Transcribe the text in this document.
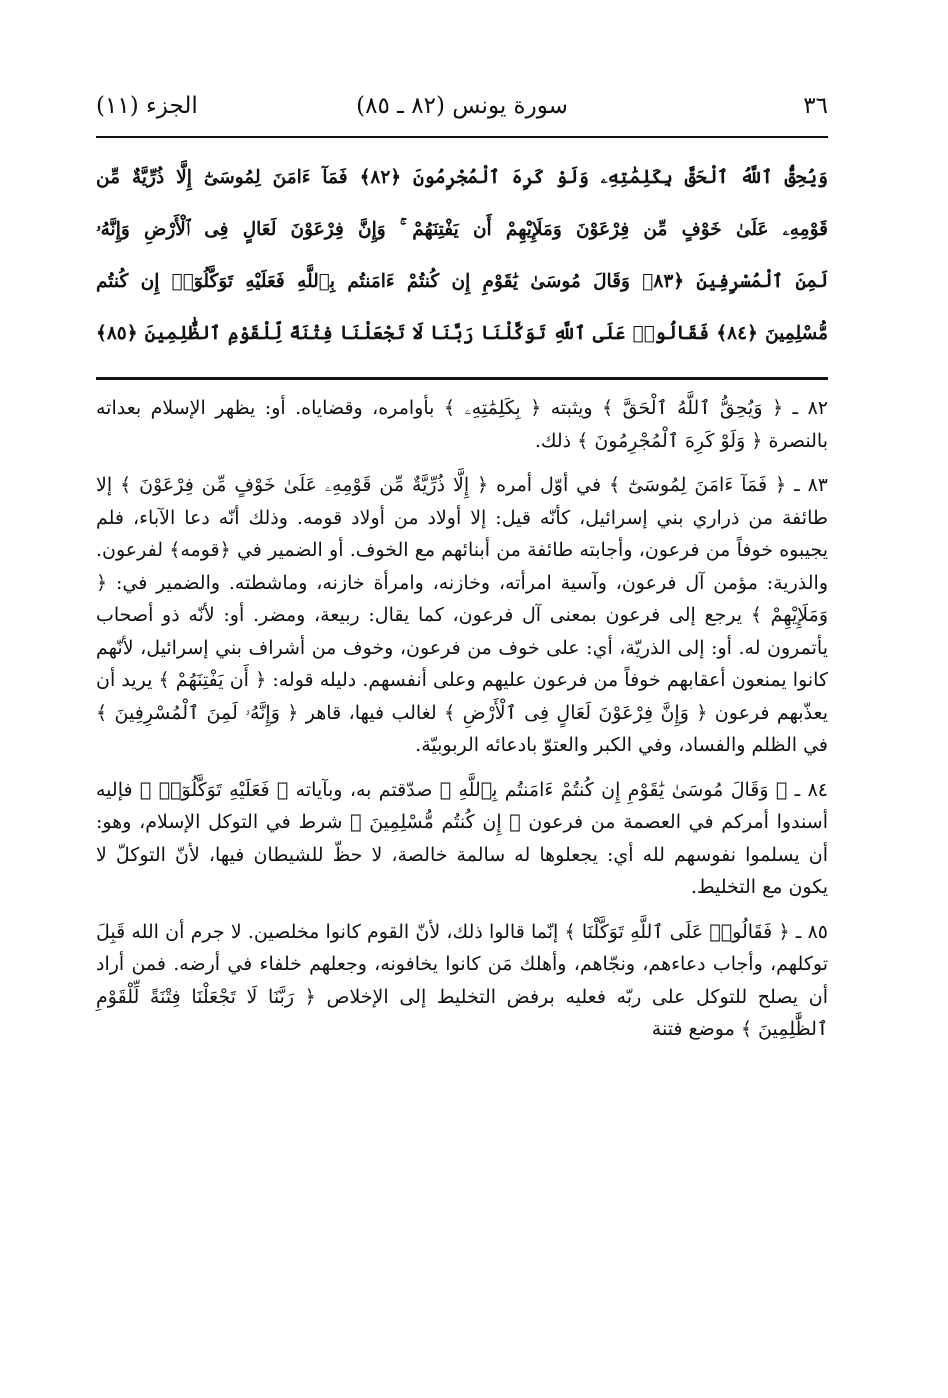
٣٦
سورة يونس (٨٢ ـ ٨٥)
الجزء (١١)
وَيُحِقُّ ٱللَّهُ ٱلْحَقَّ بِكَلِمَٰتِهِۦ وَلَوْ كَرِهَ ٱلْمُجْرِمُونَ ﴿٨٢﴾ فَمَآ ءَامَنَ لِمُوسَىٰٓ إِلَّا ذُرِّيَّةٌ مِّن
قَوْمِهِۦ عَلَىٰ خَوْفٍ مِّن فِرْعَوْنَ وَمَلَإِيْهِمْ أَن يَفْتِنَهُمْ ۚ وَإِنَّ فِرْعَوْنَ لَعَالٍ فِى ٱلْأَرْضِ وَإِنَّهُۥ
لَمِنَ ٱلْمُسْرِفِينَ ﴿٨٣﴾ وَقَالَ مُوسَىٰ يَٰقَوْمِ إِن كُنتُمْ ءَامَنتُم بِٱللَّهِ فَعَلَيْهِ تَوَكَّلُوٓا۟ إِن كُنتُم
مُّسْلِمِينَ ﴿٨٤﴾ فَقَالُوا۟ عَلَى ٱللَّهِ تَوَكَّلْنَا رَبَّنَا لَا تَجْعَلْنَا فِتْنَةً لِّلْقَوْمِ ٱلظَّٰلِمِينَ ﴿٨٥﴾

٨٢ ـ ﴿ وَيُحِقُّ ٱللَّهُ ٱلْحَقَّ ﴾ ويثبته ﴿ بِكَلِمَٰتِهِۦ ﴾ بأوامره، وقضاياه. أو: يظهر الإسلام بعداته بالنصرة ﴿ وَلَوْ كَرِهَ ٱلْمُجْرِمُونَ ﴾ ذلك.

٨٣ ـ ﴿ فَمَآ ءَامَنَ لِمُوسَىٰٓ ﴾ في أوّل أمره ﴿ إِلَّا ذُرِّيَّةٌ مِّن قَوْمِهِۦ عَلَىٰ خَوْفٍ مِّن فِرْعَوْنَ ﴾ إلا طائفة من ذراري بني إسرائيل، كأنّه قيل: إلا أولاد من أولاد قومه. وذلك أنّه دعا الآباء، فلم يجيبوه خوفاً من فرعون، وأجابته طائفة من أبنائهم مع الخوف. أو الضمير في ﴿قومه﴾ لفرعون. والذرية: مؤمن آل فرعون، وآسية امرأته، وخازنه، وامرأة خازنه، وماشطته. والضمير في: ﴿ وَمَلَإِيْهِمْ ﴾ يرجع إلى فرعون بمعنى آل فرعون، كما يقال: ربيعة، ومضر. أو: لأنّه ذو أصحاب يأتمرون له. أو: إلى الذريّة، أي: على خوف من فرعون، وخوف من أشراف بني إسرائيل، لأنّهم كانوا يمنعون أعقابهم خوفاً من فرعون عليهم وعلى أنفسهم. دليله قوله: ﴿ أَن يَفْتِنَهُمْ ﴾ يريد أن يعذّبهم فرعون ﴿ وَإِنَّ فِرْعَوْنَ لَعَالٍ فِى ٱلْأَرْضِ ﴾ لغالب فيها، قاهر ﴿ وَإِنَّهُۥ لَمِنَ ٱلْمُسْرِفِينَ ﴾ في الظلم والفساد، وفي الكبر والعتوّ بادعائه الربوبيّة.

٨٤ ـ ﴿ وَقَالَ مُوسَىٰ يَٰقَوْمِ إِن كُنتُمْ ءَامَنتُم بِٱللَّهِ ﴾ صدّقتم به، وبآياته ﴿ فَعَلَيْهِ تَوَكَّلُوٓا۟ ﴾ فإليه أسندوا أمركم في العصمة من فرعون ﴿ إِن كُنتُم مُّسْلِمِينَ ﴾ شرط في التوكل الإسلام، وهو: أن يسلموا نفوسهم لله أي: يجعلوها له سالمة خالصة، لا حظّ للشيطان فيها، لأنّ التوكلّ لا يكون مع التخليط.

٨٥ ـ ﴿ فَقَالُوا۟ عَلَى ٱللَّهِ تَوَكَّلْنَا ﴾ إنّما قالوا ذلك، لأنّ القوم كانوا مخلصين. لا جرم أن الله قَبِلَ توكلهم، وأجاب دعاءهم، ونجّاهم، وأهلك مَن كانوا يخافونه، وجعلهم خلفاء في أرضه. فمن أراد أن يصلح للتوكل على ربّه فعليه برفض التخليط إلى الإخلاص ﴿ رَبَّنَا لَا تَجْعَلْنَا فِتْنَةً لِّلْقَوْمِ ٱلظَّٰلِمِينَ ﴾ موضع فتنة
